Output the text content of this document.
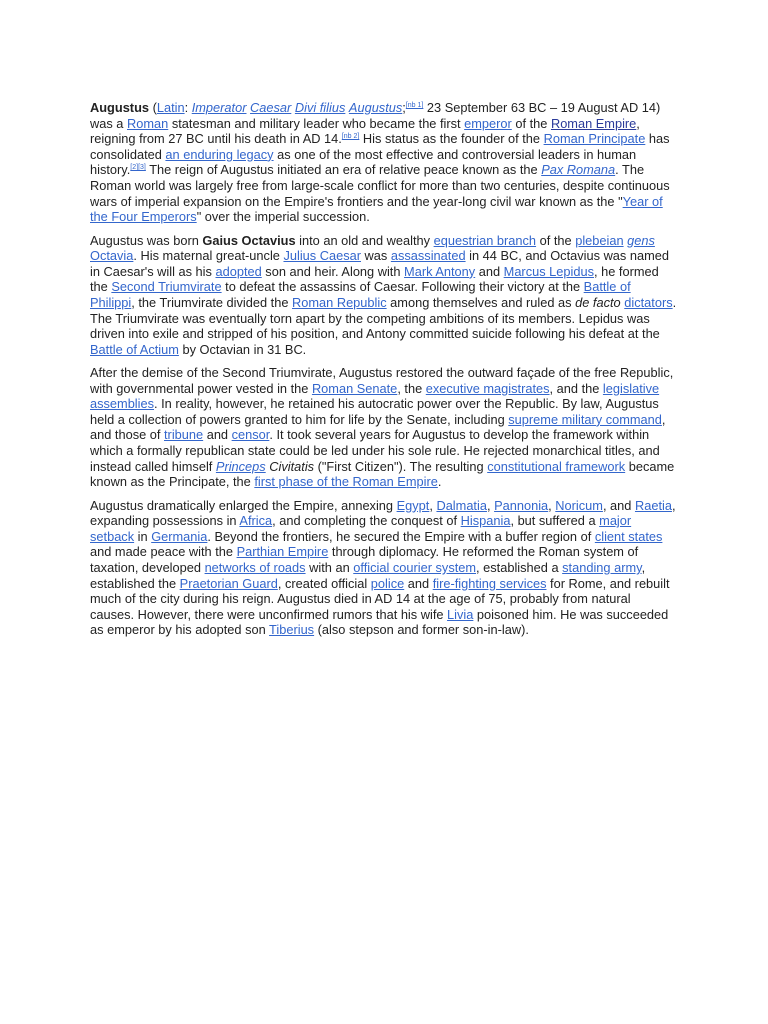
Augustus (Latin: Imperator Caesar Divi filius Augustus;[nb 1] 23 September 63 BC – 19 August AD 14) was a Roman statesman and military leader who became the first emperor of the Roman Empire, reigning from 27 BC until his death in AD 14.[nb 2] His status as the founder of the Roman Principate has consolidated an enduring legacy as one of the most effective and controversial leaders in human history.[2][3] The reign of Augustus initiated an era of relative peace known as the Pax Romana. The Roman world was largely free from large-scale conflict for more than two centuries, despite continuous wars of imperial expansion on the Empire's frontiers and the year-long civil war known as the "Year of the Four Emperors" over the imperial succession.

Augustus was born Gaius Octavius into an old and wealthy equestrian branch of the plebeian gens Octavia. His maternal great-uncle Julius Caesar was assassinated in 44 BC, and Octavius was named in Caesar's will as his adopted son and heir. Along with Mark Antony and Marcus Lepidus, he formed the Second Triumvirate to defeat the assassins of Caesar. Following their victory at the Battle of Philippi, the Triumvirate divided the Roman Republic among themselves and ruled as de facto dictators. The Triumvirate was eventually torn apart by the competing ambitions of its members. Lepidus was driven into exile and stripped of his position, and Antony committed suicide following his defeat at the Battle of Actium by Octavian in 31 BC.

After the demise of the Second Triumvirate, Augustus restored the outward façade of the free Republic, with governmental power vested in the Roman Senate, the executive magistrates, and the legislative assemblies. In reality, however, he retained his autocratic power over the Republic. By law, Augustus held a collection of powers granted to him for life by the Senate, including supreme military command, and those of tribune and censor. It took several years for Augustus to develop the framework within which a formally republican state could be led under his sole rule. He rejected monarchical titles, and instead called himself Princeps Civitatis ("First Citizen"). The resulting constitutional framework became known as the Principate, the first phase of the Roman Empire.

Augustus dramatically enlarged the Empire, annexing Egypt, Dalmatia, Pannonia, Noricum, and Raetia, expanding possessions in Africa, and completing the conquest of Hispania, but suffered a major setback in Germania. Beyond the frontiers, he secured the Empire with a buffer region of client states and made peace with the Parthian Empire through diplomacy. He reformed the Roman system of taxation, developed networks of roads with an official courier system, established a standing army, established the Praetorian Guard, created official police and fire-fighting services for Rome, and rebuilt much of the city during his reign. Augustus died in AD 14 at the age of 75, probably from natural causes. However, there were unconfirmed rumors that his wife Livia poisoned him. He was succeeded as emperor by his adopted son Tiberius (also stepson and former son-in-law).
